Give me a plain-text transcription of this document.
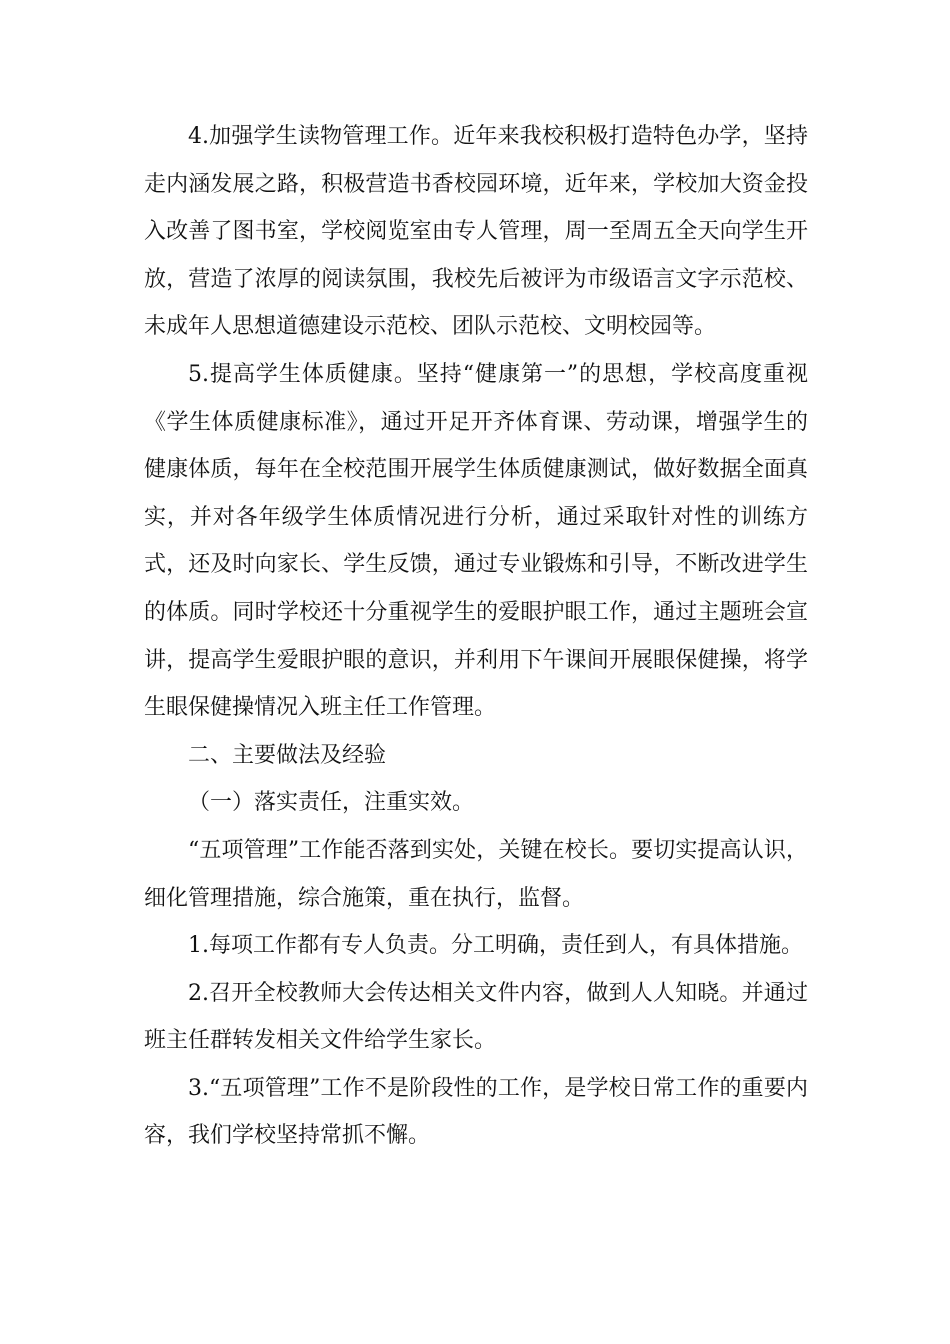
4.加强学生读物管理工作。近年来我校积极打造特色办学，坚持走内涵发展之路，积极营造书香校园环境，近年来，学校加大资金投入改善了图书室，学校阅览室由专人管理，周一至周五全天向学生开放，营造了浓厚的阅读氛围，我校先后被评为市级语言文字示范校、未成年人思想道德建设示范校、团队示范校、文明校园等。

5.提高学生体质健康。坚持“健康第一”的思想，学校高度重视《学生体质健康标准》，通过开足开齐体育课、劳动课，增强学生的健康体质，每年在全校范围开展学生体质健康测试，做好数据全面真实，并对各年级学生体质情况进行分析，通过采取针对性的训练方式，还及时向家长、学生反馈，通过专业锻炼和引导，不断改进学生的体质。同时学校还十分重视学生的爱眼护眼工作，通过主题班会宣讲，提高学生爱眼护眼的意识，并利用下午课间开展眼保健操，将学生眼保健操情况入班主任工作管理。

二、主要做法及经验

（一）落实责任，注重实效。

“五项管理”工作能否落到实处，关键在校长。要切实提高认识，细化管理措施，综合施策，重在执行，监督。

1.每项工作都有专人负责。分工明确，责任到人，有具体措施。

2.召开全校教师大会传达相关文件内容，做到人人知晓。并通过班主任群转发相关文件给学生家长。

3.“五项管理”工作不是阶段性的工作，是学校日常工作的重要内容，我们学校坚持常抓不懈。
